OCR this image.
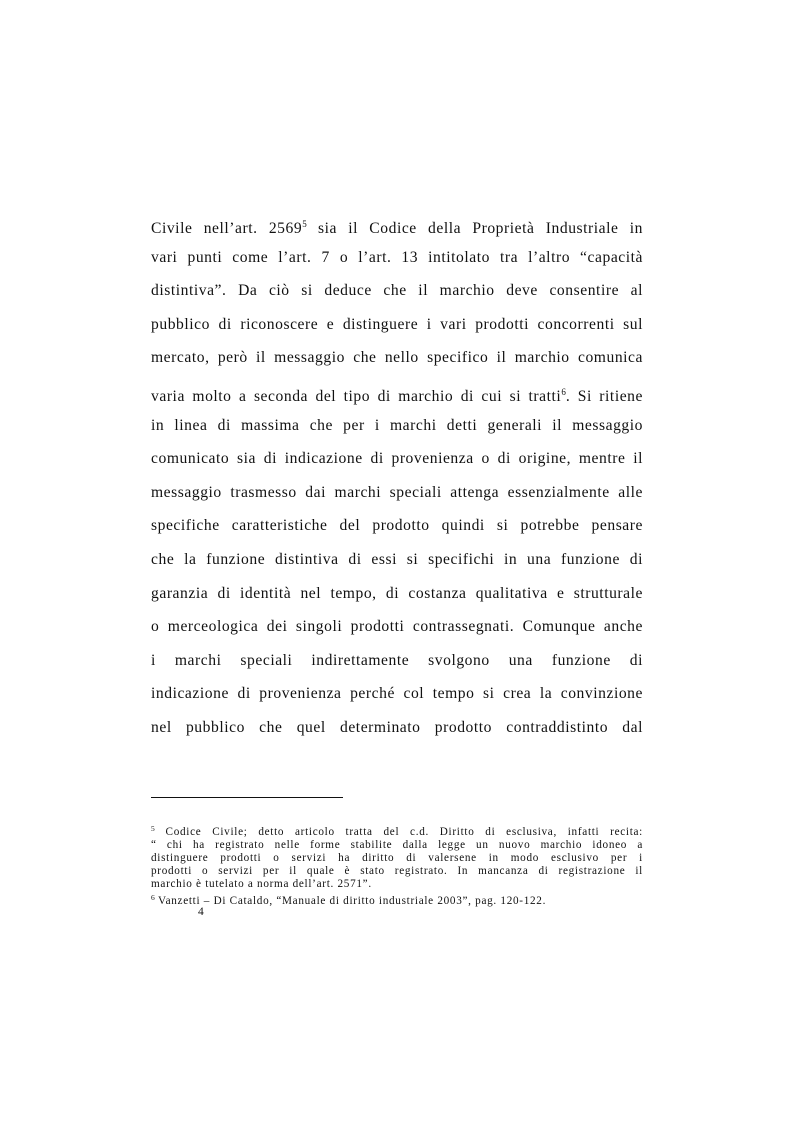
Civile nell’art. 2569$^5$ sia il Codice della Proprietà Industriale in
vari punti come l’art. 7 o l’art. 13 intitolato tra l’altro “capacità
distintiva”. Da ciò si deduce che il marchio deve consentire al
pubblico di riconoscere e distinguere i vari prodotti concorrenti sul
mercato, però il messaggio che nello specifico il marchio comunica
varia molto a seconda del tipo di marchio di cui si tratti$^6$. Si ritiene
in linea di massima che per i marchi detti generali il messaggio
comunicato sia di indicazione di provenienza o di origine, mentre il
messaggio trasmesso dai marchi speciali attenga essenzialmente alle
specifiche caratteristiche del prodotto quindi si potrebbe pensare
che la funzione distintiva di essi si specifichi in una funzione di
garanzia di identità nel tempo, di costanza qualitativa e strutturale
o merceologica dei singoli prodotti contrassegnati. Comunque anche
i marchi speciali indirettamente svolgono una funzione di
indicazione di provenienza perché col tempo si crea la convinzione
nel pubblico che quel determinato prodotto contraddistinto dal
$^5$ Codice Civile; detto articolo tratta del c.d. Diritto di esclusiva, infatti recita:
“ chi ha registrato nelle forme stabilite dalla legge un nuovo marchio idoneo a
distinguere prodotti o servizi ha diritto di valersene in modo esclusivo per i
prodotti o servizi per il quale è stato registrato. In mancanza di registrazione il
marchio è tutelato a norma dell’art. 2571”.
$^6$ Vanzetti – Di Cataldo, “Manuale di diritto industriale 2003”, pag. 120-122.
4
